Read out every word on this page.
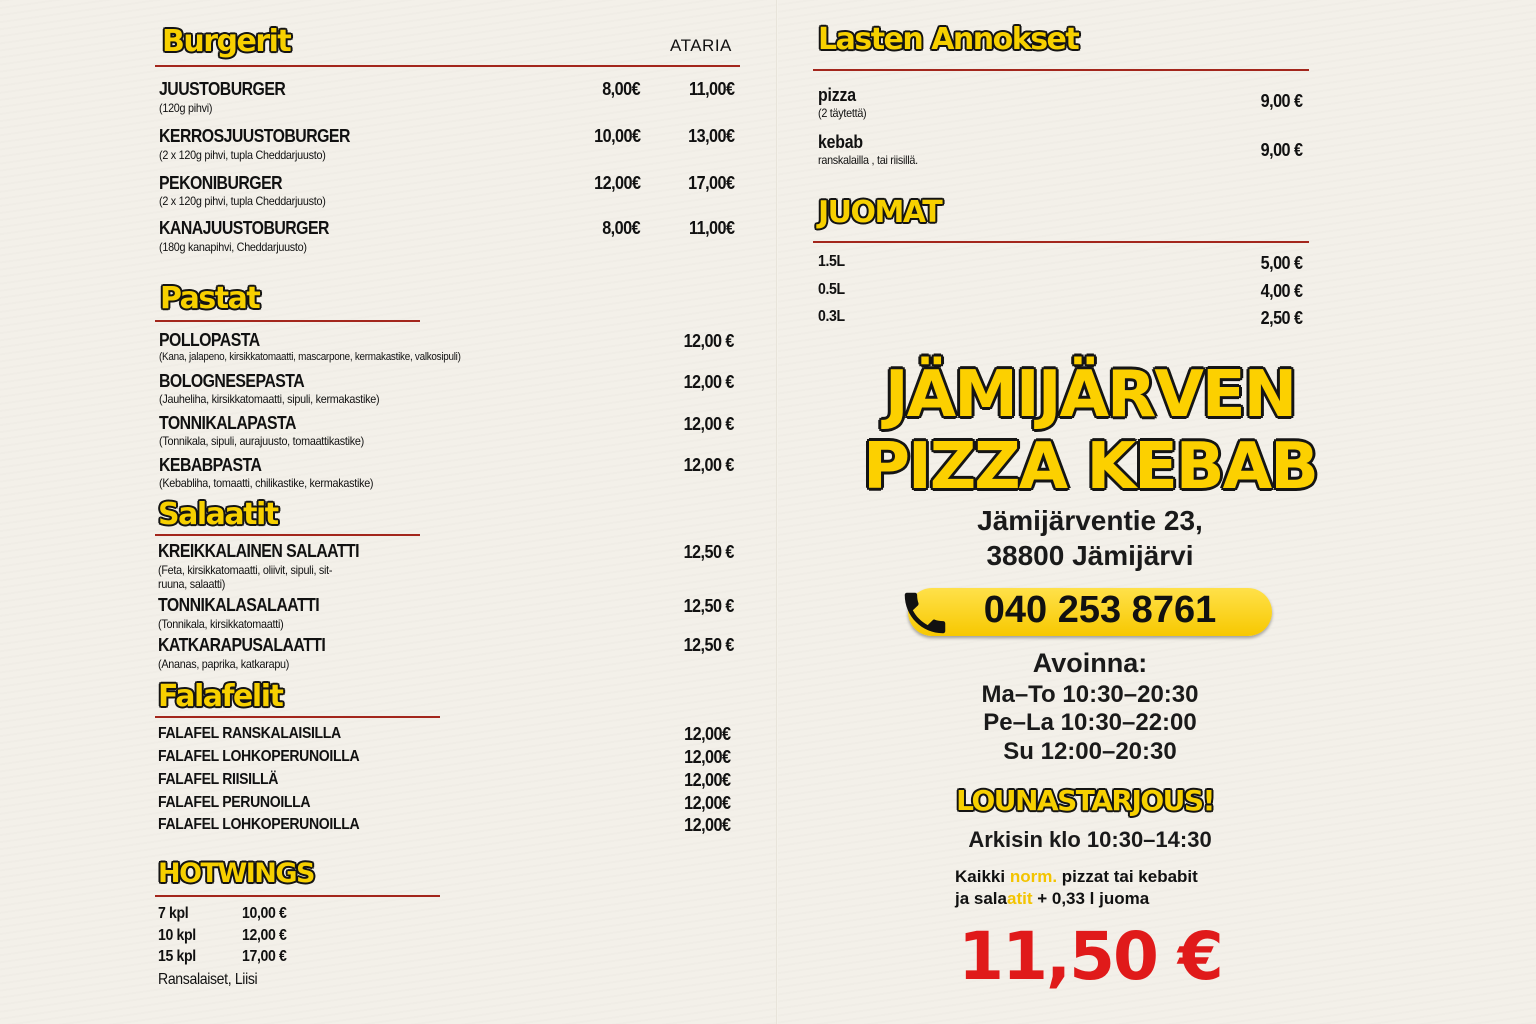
Burgerit	ATARIA
JUUSTOBURGER
(120g pihvi)
8,00€	11,00€
KERROSJUUSTOBURGER
(2 x 120g pihvi, tupla Cheddarjuusto)
10,00€	13,00€
PEKONIBURGER
(2 x 120g pihvi, tupla Cheddarjuusto)
12,00€	17,00€
KANAJUUSTOBURGER
(180g kanapihvi, Cheddarjuusto)
8,00€	11,00€
Pastat
POLLOPASTA
(Kana, jalapeno, kirsikkatomaatti, mascarpone, kermakastike, valkosipuli)
12,00 €
BOLOGNESEPASTA
(Jauheliha, kirsikkatomaatti, sipuli, kermakastike)
12,00 €
TONNIKALAPASTA
(Tonnikala, sipuli, aurajuusto, tomaattikastike)
12,00 €
KEBABPASTA
(Kebabliha, tomaatti, chilikastike, kermakastike)
12,00 €
Salaatit
KREIKKALAINEN SALAATTI
(Feta, kirsikkatomaatti, oliivit, sipuli, sit-
ruuna, salaatti)
12,50 €
TONNIKALASALAATTI
(Tonnikala, kirsikkatomaatti)
12,50 €
KATKARAPUSALAATTI
(Ananas, paprika, katkarapu)
12,50 €
Falafelit
FALAFEL RANSKALAISILLA	12,00€
FALAFEL LOHKOPERUNOILLA	12,00€
FALAFEL RIISILLÄ	12,00€
FALAFEL PERUNOILLA	12,00€
FALAFEL LOHKOPERUNOILLA	12,00€
HOTWINGS
7 kpl	10,00 €
10 kpl	12,00 €
15 kpl	17,00 €
Ransalaiset, Liisi
Lasten Annokset
pizza
(2 täytettä)
9,00 €
kebab
ranskalailla , tai riisillä.	9,00 €
JUOMAT
1.5L	5,00 €
0.5L	4,00 €
0.3L	2,50 €
JÄMIJÄRVEN
PIZZA KEBAB
Jämijärventie 23,
38800 Jämijärvi
040 253 8761
Avoinna:
Ma–To 10:30–20:30
Pe–La 10:30–22:00
Su 12:00–20:30
LOUNASTARJOUS!
Arkisin klo 10:30–14:30
Kaikki norm. pizzat tai kebabit
ja salaatit + 0,33 l juoma
11,50 €
